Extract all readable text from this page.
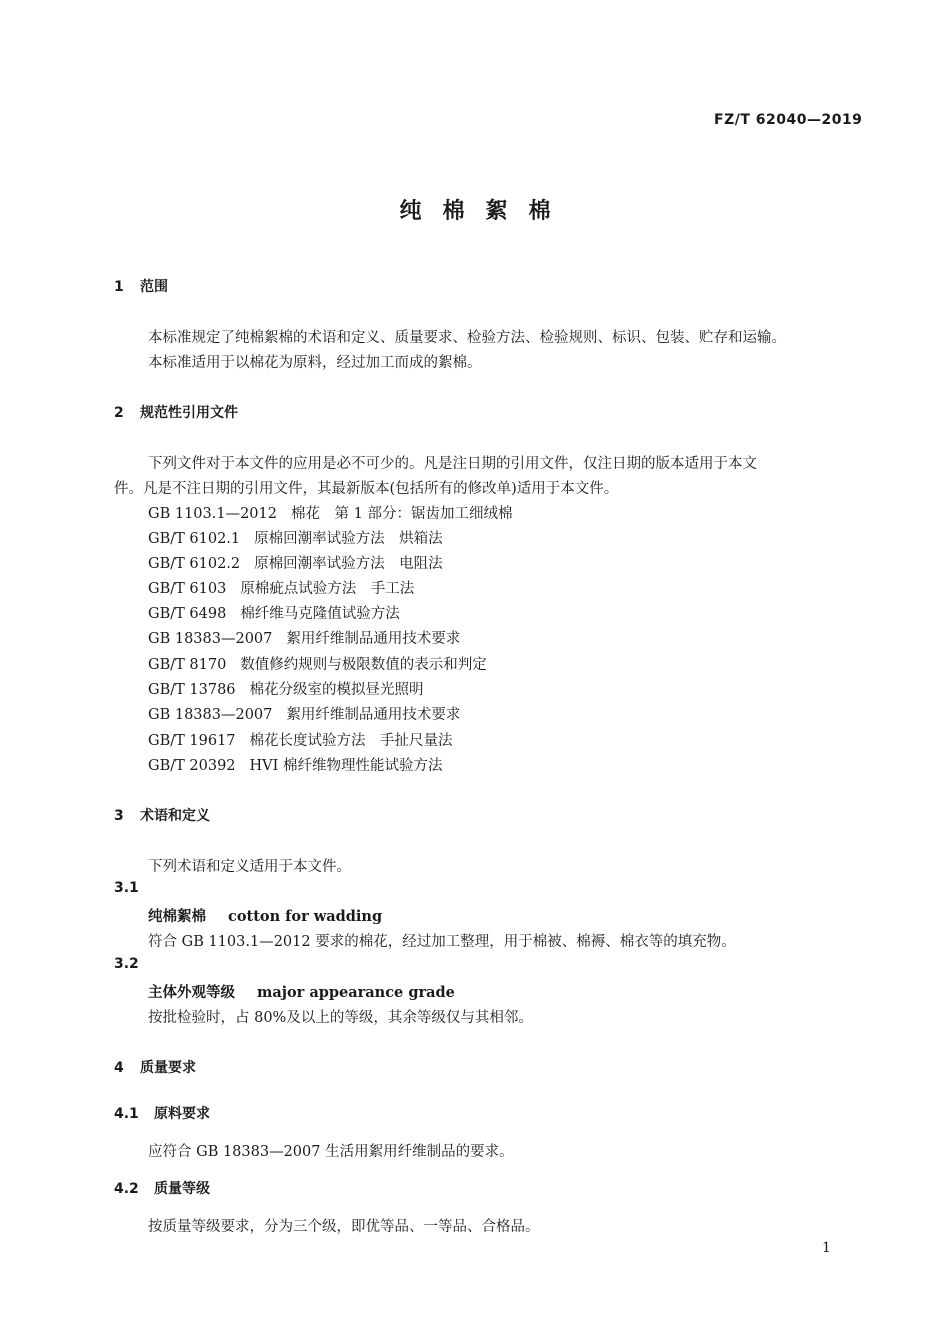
FZ/T 62040—2019
纯棉絮棉
1 范围
本标准规定了纯棉絮棉的术语和定义、质量要求、检验方法、检验规则、标识、包装、贮存和运输。
本标准适用于以棉花为原料，经过加工而成的絮棉。
2 规范性引用文件
下列文件对于本文件的应用是必不可少的。凡是注日期的引用文件，仅注日期的版本适用于本文
件。凡是不注日期的引用文件，其最新版本(包括所有的修改单)适用于本文件。
GB 1103.1—2012 棉花　第 1 部分：锯齿加工细绒棉
GB/T 6102.1 原棉回潮率试验方法　烘箱法
GB/T 6102.2 原棉回潮率试验方法　电阻法
GB/T 6103 原棉疵点试验方法　手工法
GB/T 6498 棉纤维马克隆值试验方法
GB 18383—2007 絮用纤维制品通用技术要求
GB/T 8170 数值修约规则与极限数值的表示和判定
GB/T 13786 棉花分级室的模拟昼光照明
GB 18383—2007 絮用纤维制品通用技术要求
GB/T 19617 棉花长度试验方法　手扯尺量法
GB/T 20392 HVI 棉纤维物理性能试验方法
3 术语和定义
下列术语和定义适用于本文件。
3.1
纯棉絮棉 cotton for wadding
符合 GB 1103.1—2012 要求的棉花，经过加工整理，用于棉被、棉褥、棉衣等的填充物。
3.2
主体外观等级 major appearance grade
按批检验时，占 80%及以上的等级，其余等级仅与其相邻。
4 质量要求
4.1 原料要求
应符合 GB 18383—2007 生活用絮用纤维制品的要求。
4.2 质量等级
按质量等级要求，分为三个级，即优等品、一等品、合格品。
1
